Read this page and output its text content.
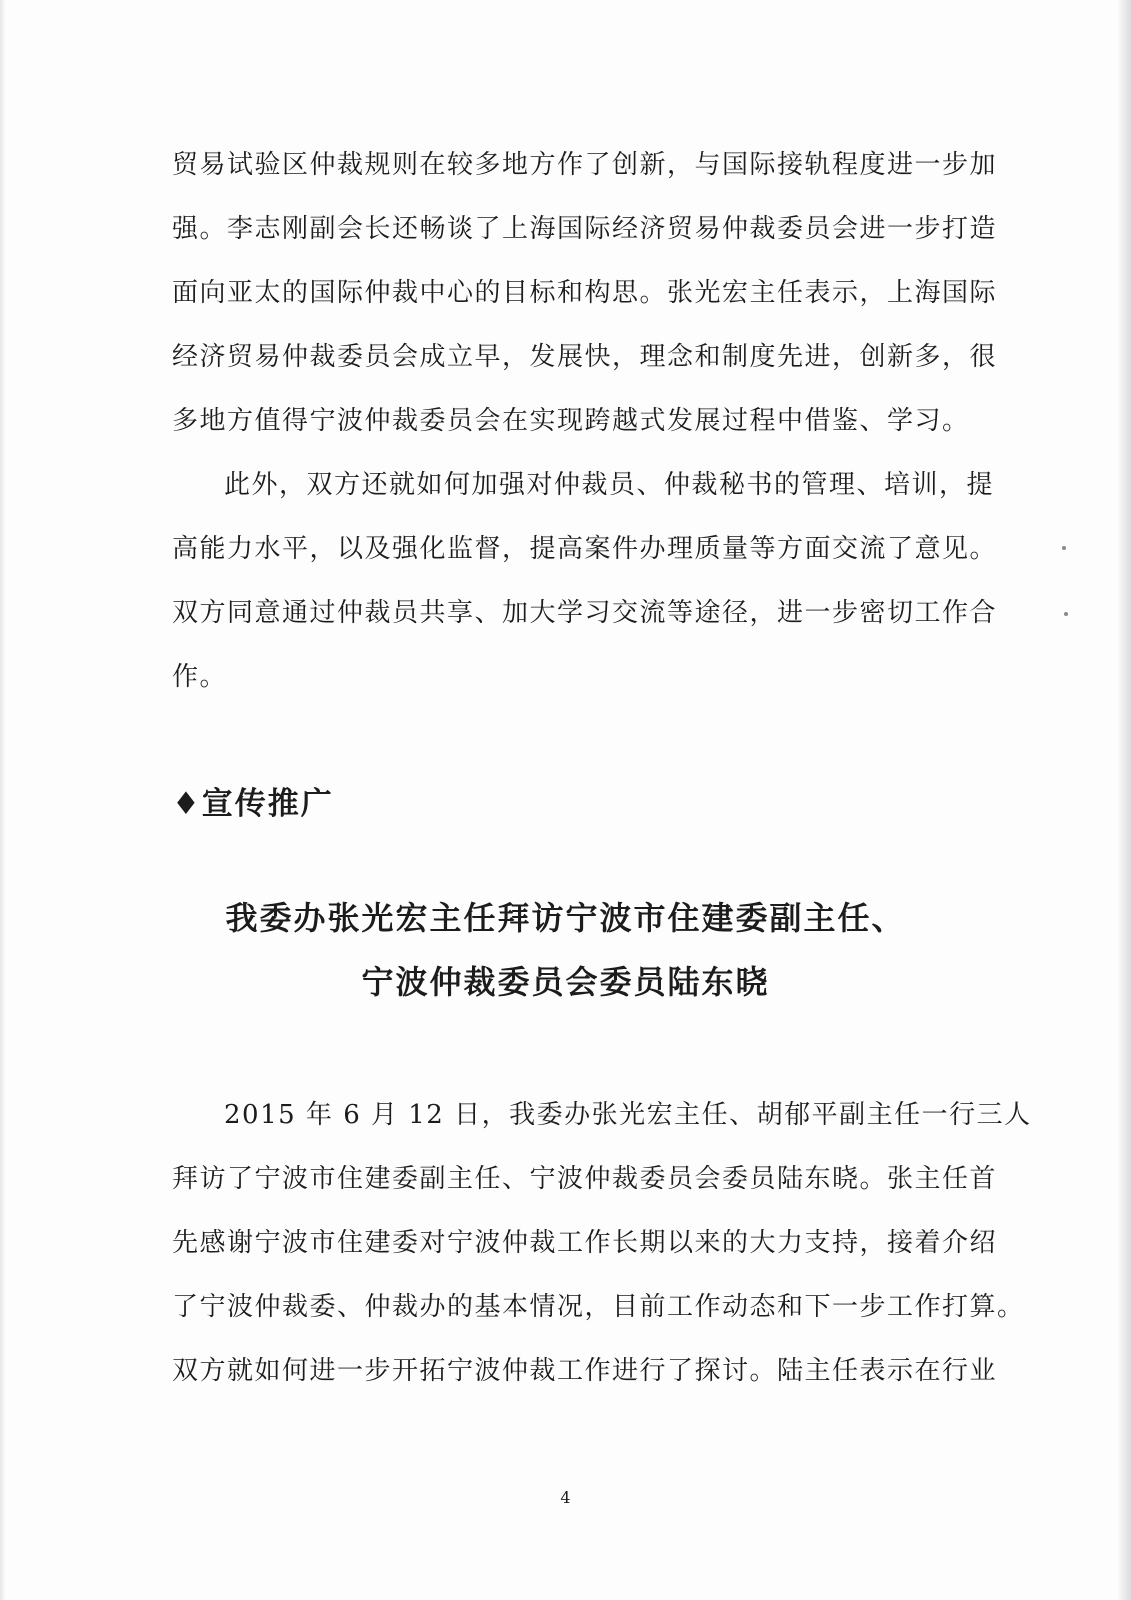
贸易试验区仲裁规则在较多地方作了创新，与国际接轨程度进一步加
强。李志刚副会长还畅谈了上海国际经济贸易仲裁委员会进一步打造
面向亚太的国际仲裁中心的目标和构思。张光宏主任表示，上海国际
经济贸易仲裁委员会成立早，发展快，理念和制度先进，创新多，很
多地方值得宁波仲裁委员会在实现跨越式发展过程中借鉴、学习。
此外，双方还就如何加强对仲裁员、仲裁秘书的管理、培训，提
高能力水平，以及强化监督，提高案件办理质量等方面交流了意见。
双方同意通过仲裁员共享、加大学习交流等途径，进一步密切工作合
作。
♦宣传推广
我委办张光宏主任拜访宁波市住建委副主任、
宁波仲裁委员会委员陆东晓
2015 年 6 月 12 日，我委办张光宏主任、胡郁平副主任一行三人
拜访了宁波市住建委副主任、宁波仲裁委员会委员陆东晓。张主任首
先感谢宁波市住建委对宁波仲裁工作长期以来的大力支持，接着介绍
了宁波仲裁委、仲裁办的基本情况，目前工作动态和下一步工作打算。
双方就如何进一步开拓宁波仲裁工作进行了探讨。陆主任表示在行业
4
